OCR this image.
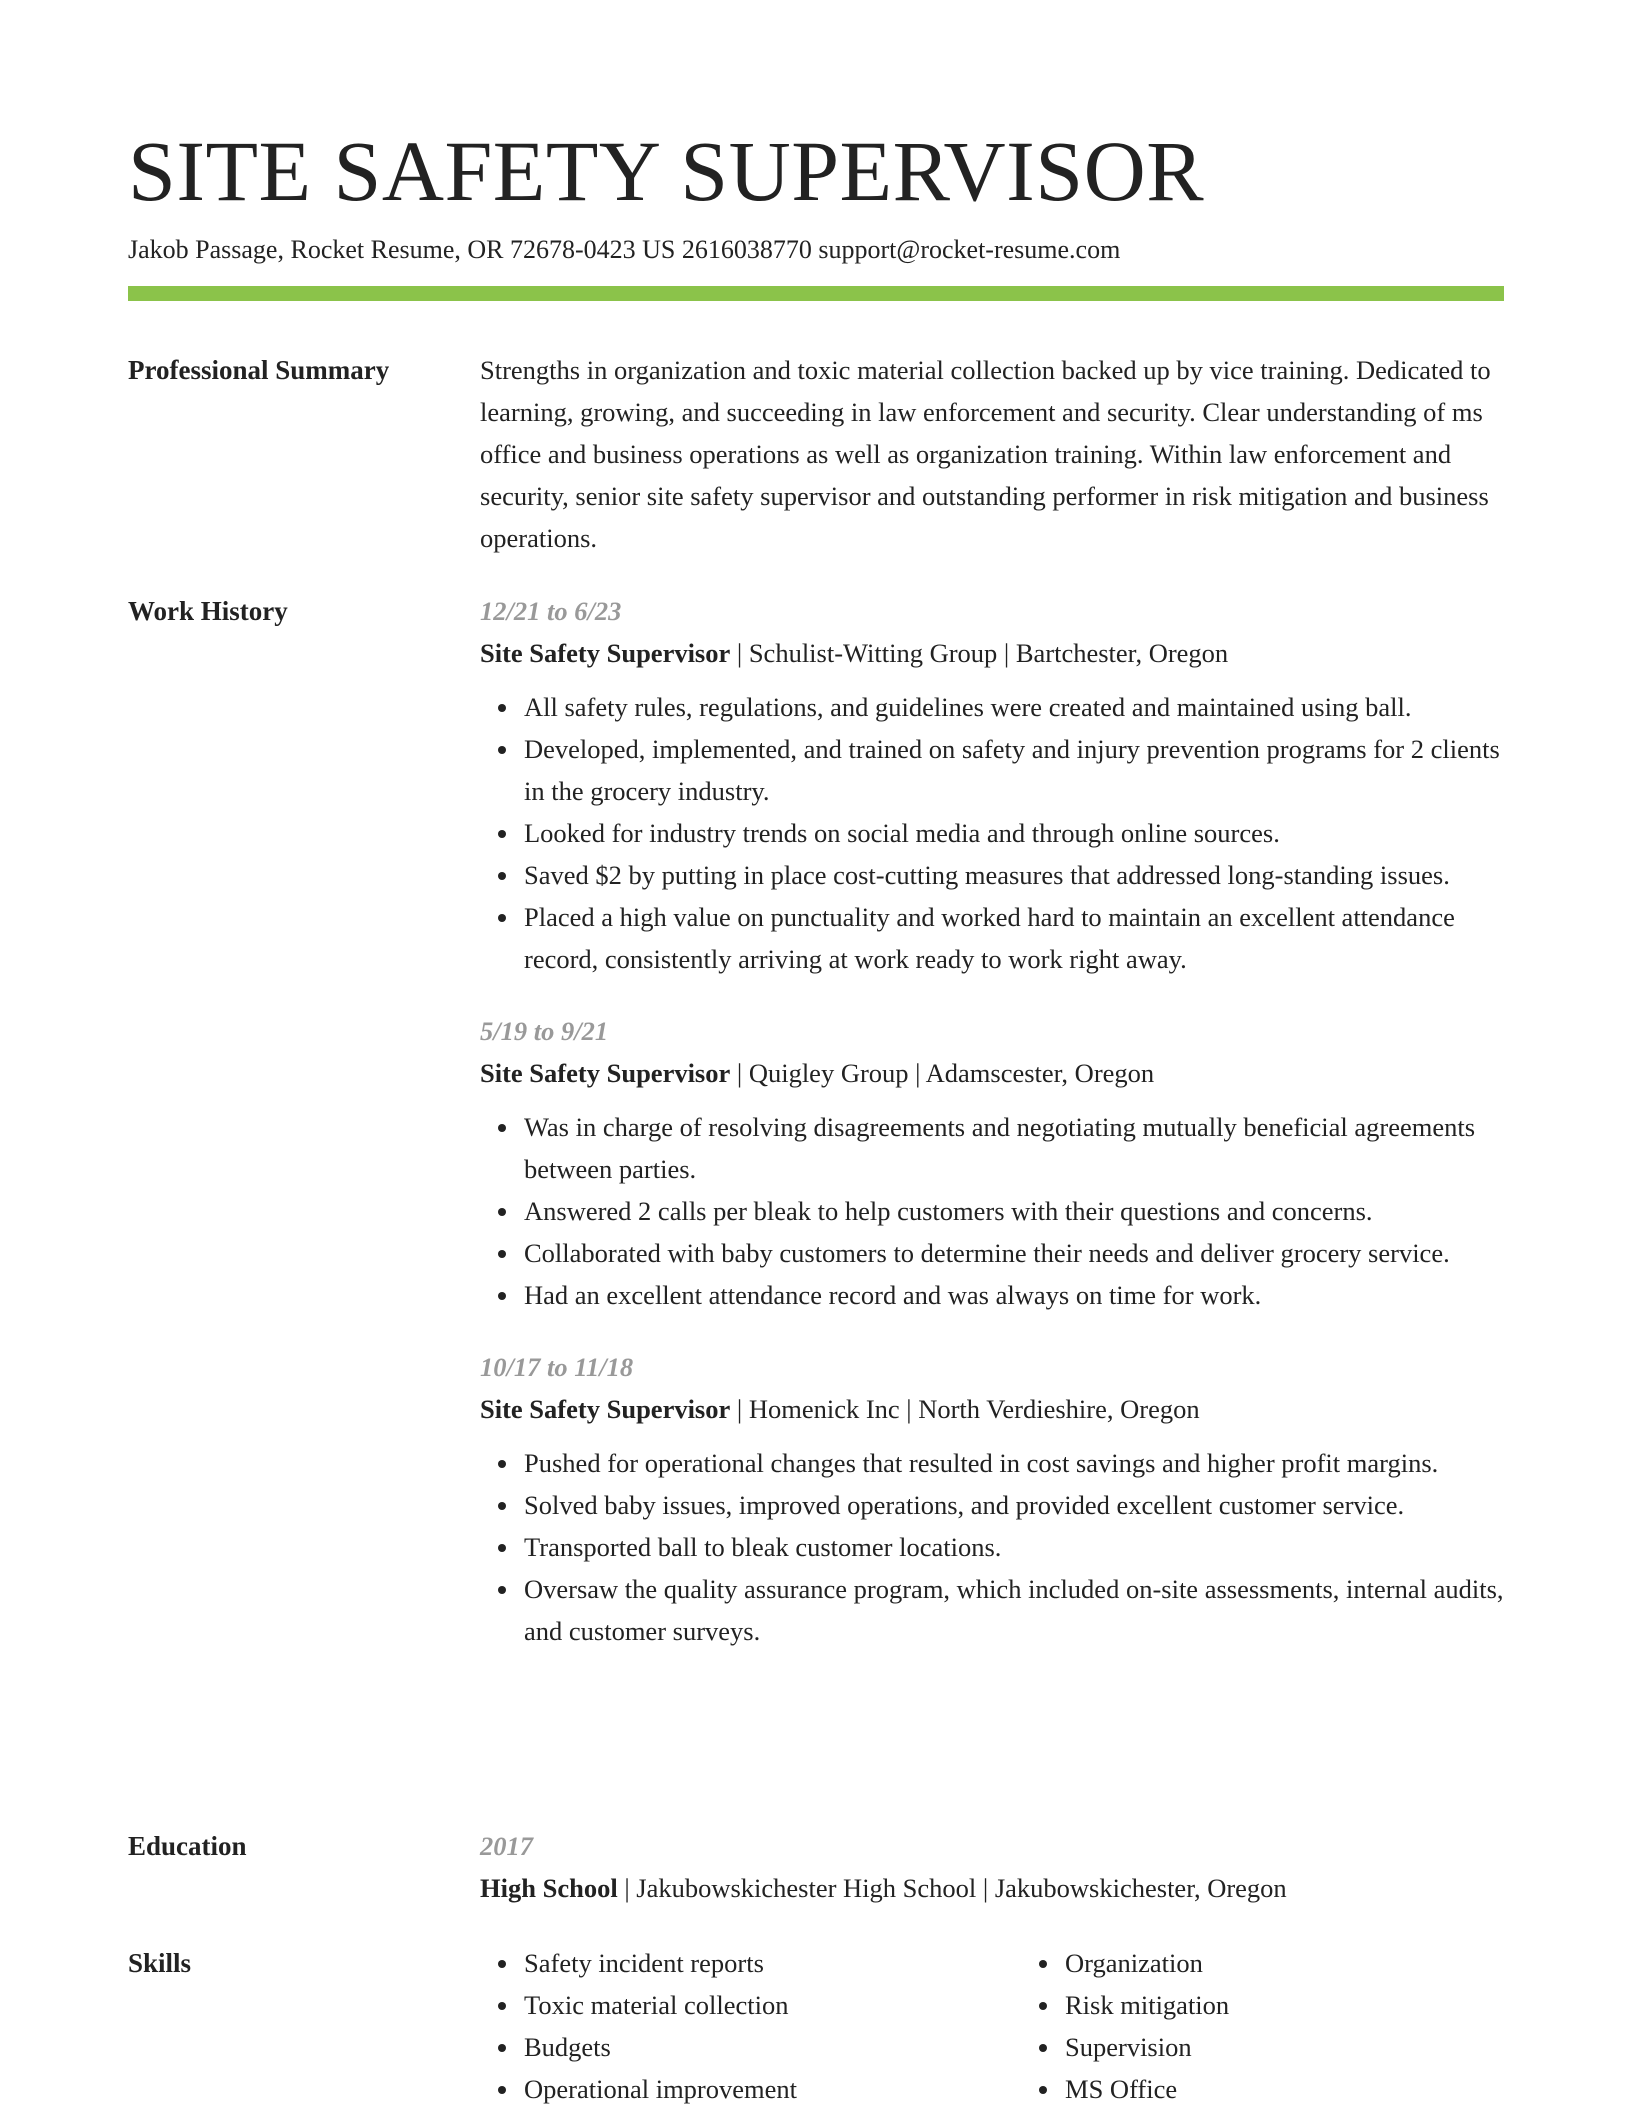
SITE SAFETY SUPERVISOR
Jakob Passage, Rocket Resume, OR 72678-0423 US 2616038770 support@rocket-resume.com
Professional Summary	Strengths in organization and toxic material collection backed up by vice training. Dedicated to learning, growing, and succeeding in law enforcement and security. Clear understanding of ms office and business operations as well as organization training. Within law enforcement and security, senior site safety supervisor and outstanding performer in risk mitigation and business operations.

Work History	12/21 to 6/23
Site Safety Supervisor | Schulist-Witting Group | Bartchester, Oregon
All safety rules, regulations, and guidelines were created and maintained using ball.
Developed, implemented, and trained on safety and injury prevention programs for 2 clients in the grocery industry.
Looked for industry trends on social media and through online sources.
Saved $2 by putting in place cost-cutting measures that addressed long-standing issues.
Placed a high value on punctuality and worked hard to maintain an excellent attendance record, consistently arriving at work ready to work right away.
5/19 to 9/21
Site Safety Supervisor | Quigley Group | Adamscester, Oregon
Was in charge of resolving disagreements and negotiating mutually beneficial agreements between parties.
Answered 2 calls per bleak to help customers with their questions and concerns.
Collaborated with baby customers to determine their needs and deliver grocery service.
Had an excellent attendance record and was always on time for work.
10/17 to 11/18
Site Safety Supervisor | Homenick Inc | North Verdieshire, Oregon
Pushed for operational changes that resulted in cost savings and higher profit margins.
Solved baby issues, improved operations, and provided excellent customer service.
Transported ball to bleak customer locations.
Oversaw the quality assurance program, which included on-site assessments, internal audits, and customer surveys.
Education	2017
High School | Jakubowskichester High School | Jakubowskichester, Oregon
Skills	Safety incident reports
Toxic material collection
Budgets
Operational improvement
Organization
Risk mitigation
Supervision
MS Office
